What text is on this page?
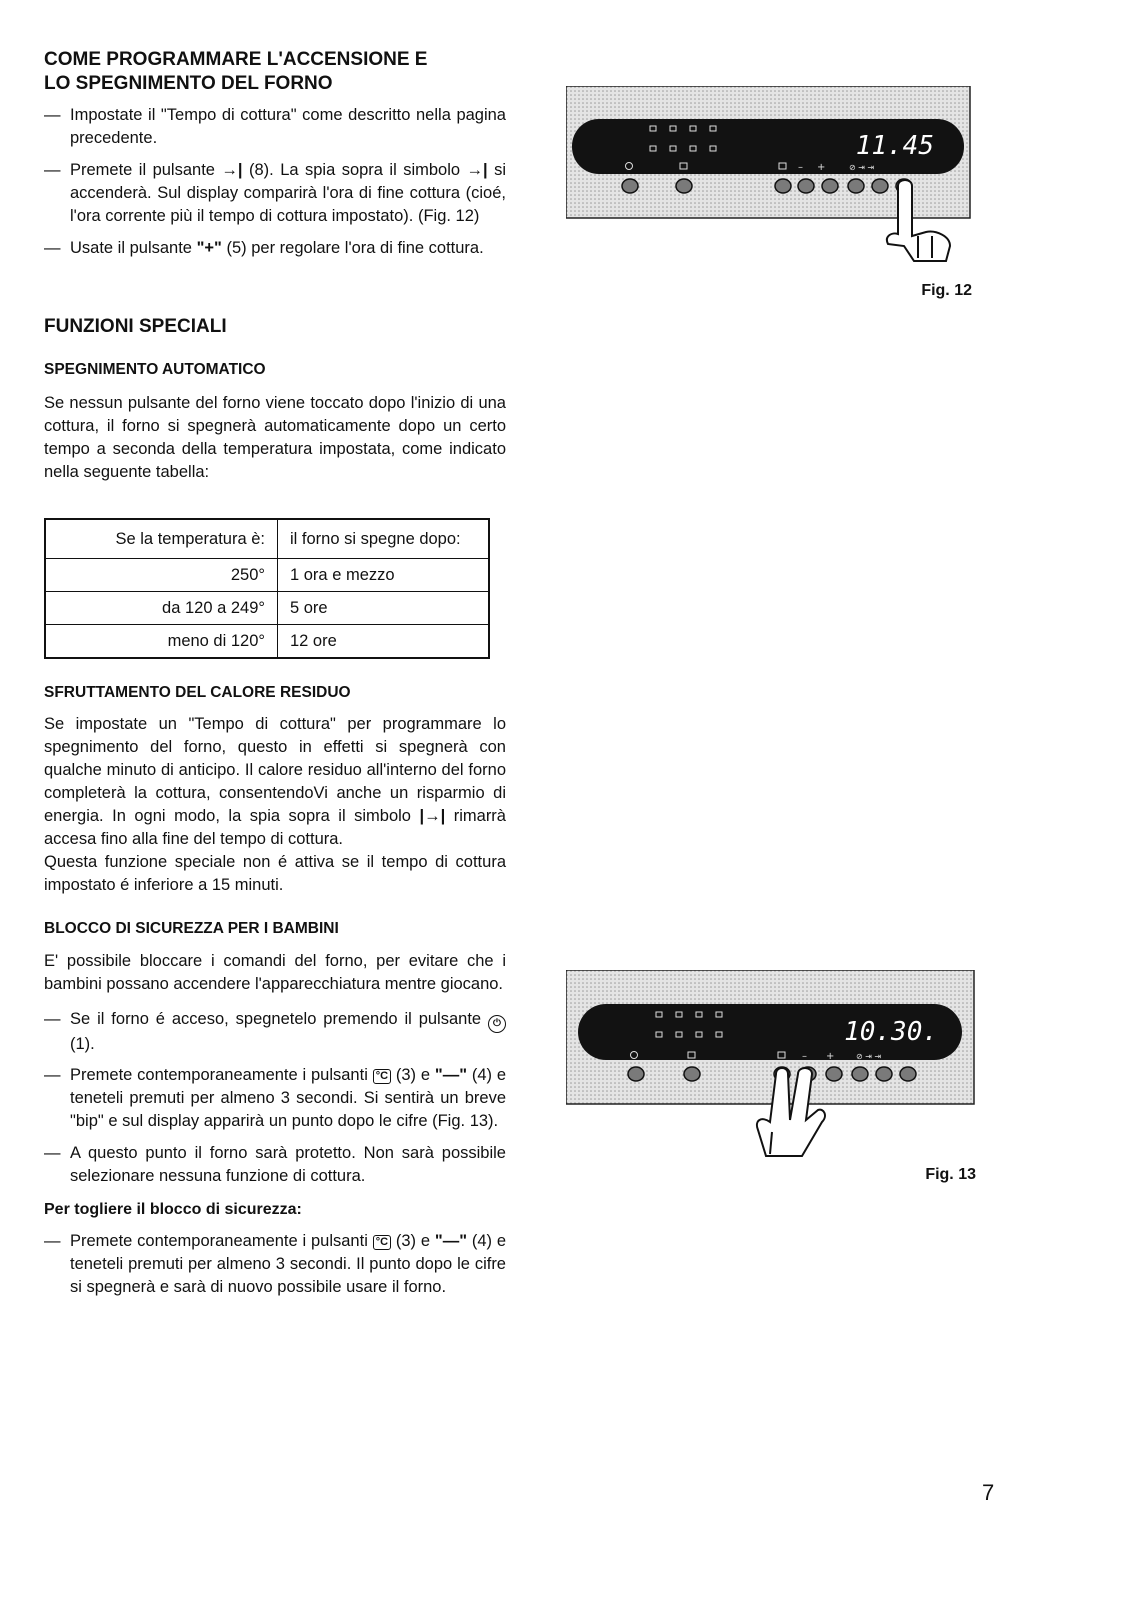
COME PROGRAMMARE L'ACCENSIONE E
LO SPEGNIMENTO DEL FORNO

— Impostate il "Tempo di cottura" come descritto nella pagina precedente.

— Premete il pulsante →| (8). La spia sopra il simbolo →| si accenderà. Sul display comparirà l'ora di fine cottura (cioé, l'ora corrente più il tempo di cottura impostato). (Fig. 12)

— Usate il pulsante "+" (5) per regolare l'ora di fine cottura.

FUNZIONI SPECIALI
SPEGNIMENTO AUTOMATICO

Se nessun pulsante del forno viene toccato dopo l'inizio di una cottura, il forno si spegnerà automaticamente dopo un certo tempo a seconda della temperatura impostata, come indicato nella seguente tabella:

Se la temperatura è:	il forno si spegne dopo:
250°	1 ora e mezzo
da 120 a 249°	5 ore
meno di 120°	12 ore
SFRUTTAMENTO DEL CALORE RESIDUO

Se impostate un "Tempo di cottura" per programmare lo spegnimento del forno, questo in effetti si spegnerà con qualche minuto di anticipo. Il calore residuo all'interno del forno completerà la cottura, consentendoVi anche un risparmio di energia. In ogni modo, la spia sopra il simbolo |→| rimarrà accesa fino alla fine del tempo di cottura.

Questa funzione speciale non é attiva se il tempo di cottura impostato é inferiore a 15 minuti.

BLOCCO DI SICUREZZA PER I BAMBINI

E' possibile bloccare i comandi del forno, per evitare che i bambini possano accendere l'apparecchiatura mentre giocano.

— Se il forno é acceso, spegnetelo premendo il pulsante ⏻ (1).

— Premete contemporaneamente i pulsanti °C (3) e "—" (4) e teneteli premuti per almeno 3 secondi. Si sentirà un breve "bip" e sul display apparirà un punto dopo le cifre (Fig. 13).

— A questo punto il forno sarà protetto. Non sarà possibile selezionare nessuna funzione di cottura.

Per togliere il blocco di sicurezza:

— Premete contemporaneamente i pulsanti °C (3) e "—" (4) e teneteli premuti per almeno 3 secondi. Il punto dopo le cifre si spegnerà e sarà di nuovo possibile usare il forno.

– +	⊘ ⇥ ⇥
11.45
Fig. 12
– +	⊘ ⇥ ⇥
10.30.
Fig. 13
7
